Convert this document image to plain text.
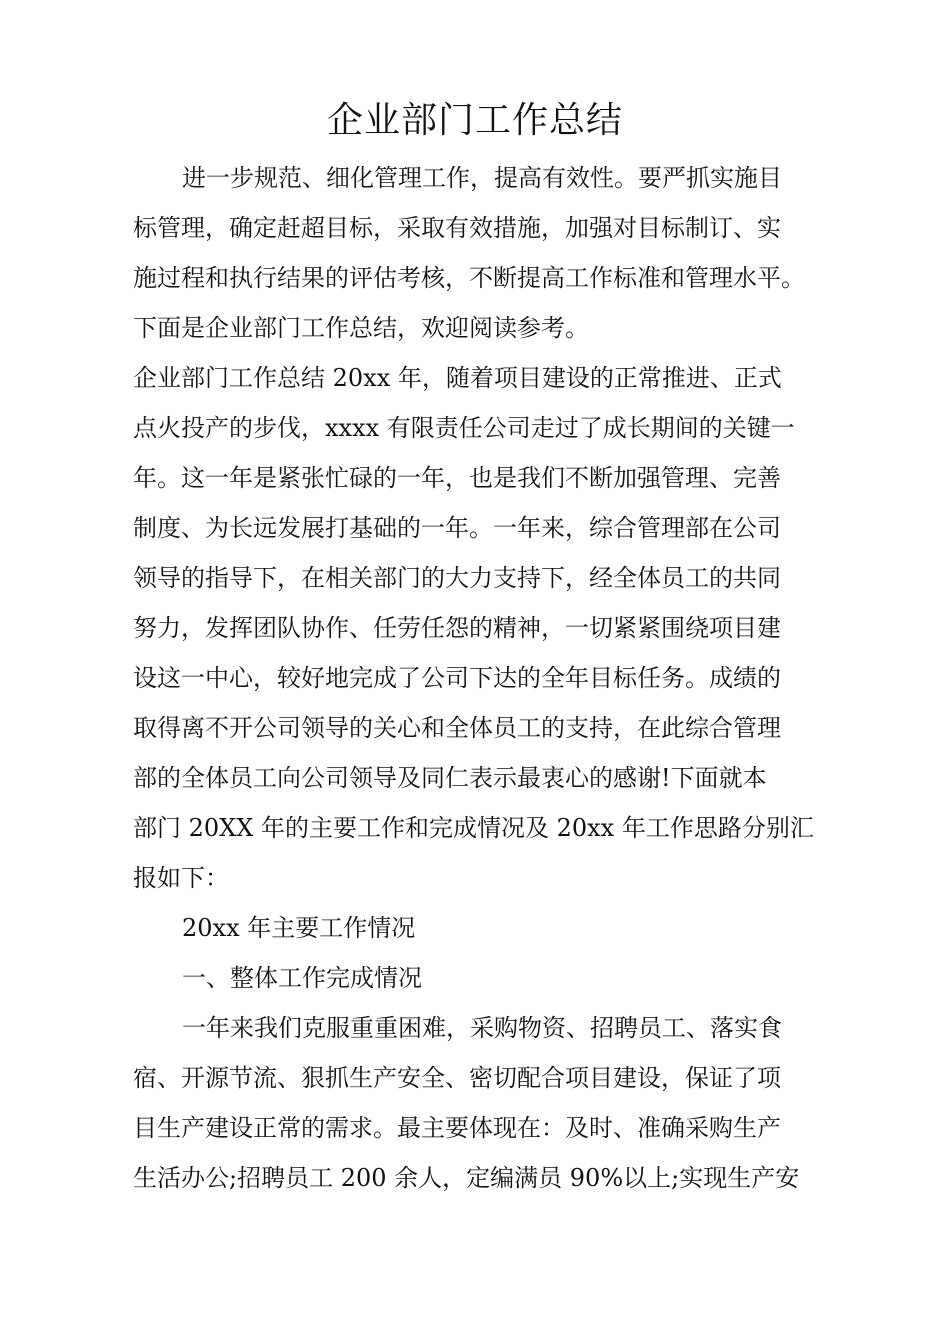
企业部门工作总结
进一步规范、细化管理工作，提高有效性。要严抓实施目
标管理，确定赶超目标，采取有效措施，加强对目标制订、实
施过程和执行结果的评估考核，不断提高工作标准和管理水平。
下面是企业部门工作总结，欢迎阅读参考。
企业部门工作总结 20xx 年，随着项目建设的正常推进、正式
点火投产的步伐，xxxx 有限责任公司走过了成长期间的关键一
年。这一年是紧张忙碌的一年，也是我们不断加强管理、完善
制度、为长远发展打基础的一年。一年来，综合管理部在公司
领导的指导下，在相关部门的大力支持下，经全体员工的共同
努力，发挥团队协作、任劳任怨的精神，一切紧紧围绕项目建
设这一中心，较好地完成了公司下达的全年目标任务。成绩的
取得离不开公司领导的关心和全体员工的支持，在此综合管理
部的全体员工向公司领导及同仁表示最衷心的感谢!下面就本
部门 20XX 年的主要工作和完成情况及 20xx 年工作思路分别汇
报如下：
20xx 年主要工作情况
一、整体工作完成情况
一年来我们克服重重困难，采购物资、招聘员工、落实食
宿、开源节流、狠抓生产安全、密切配合项目建设，保证了项
目生产建设正常的需求。最主要体现在：及时、准确采购生产
生活办公;招聘员工 200 余人，定编满员 90%以上;实现生产安
